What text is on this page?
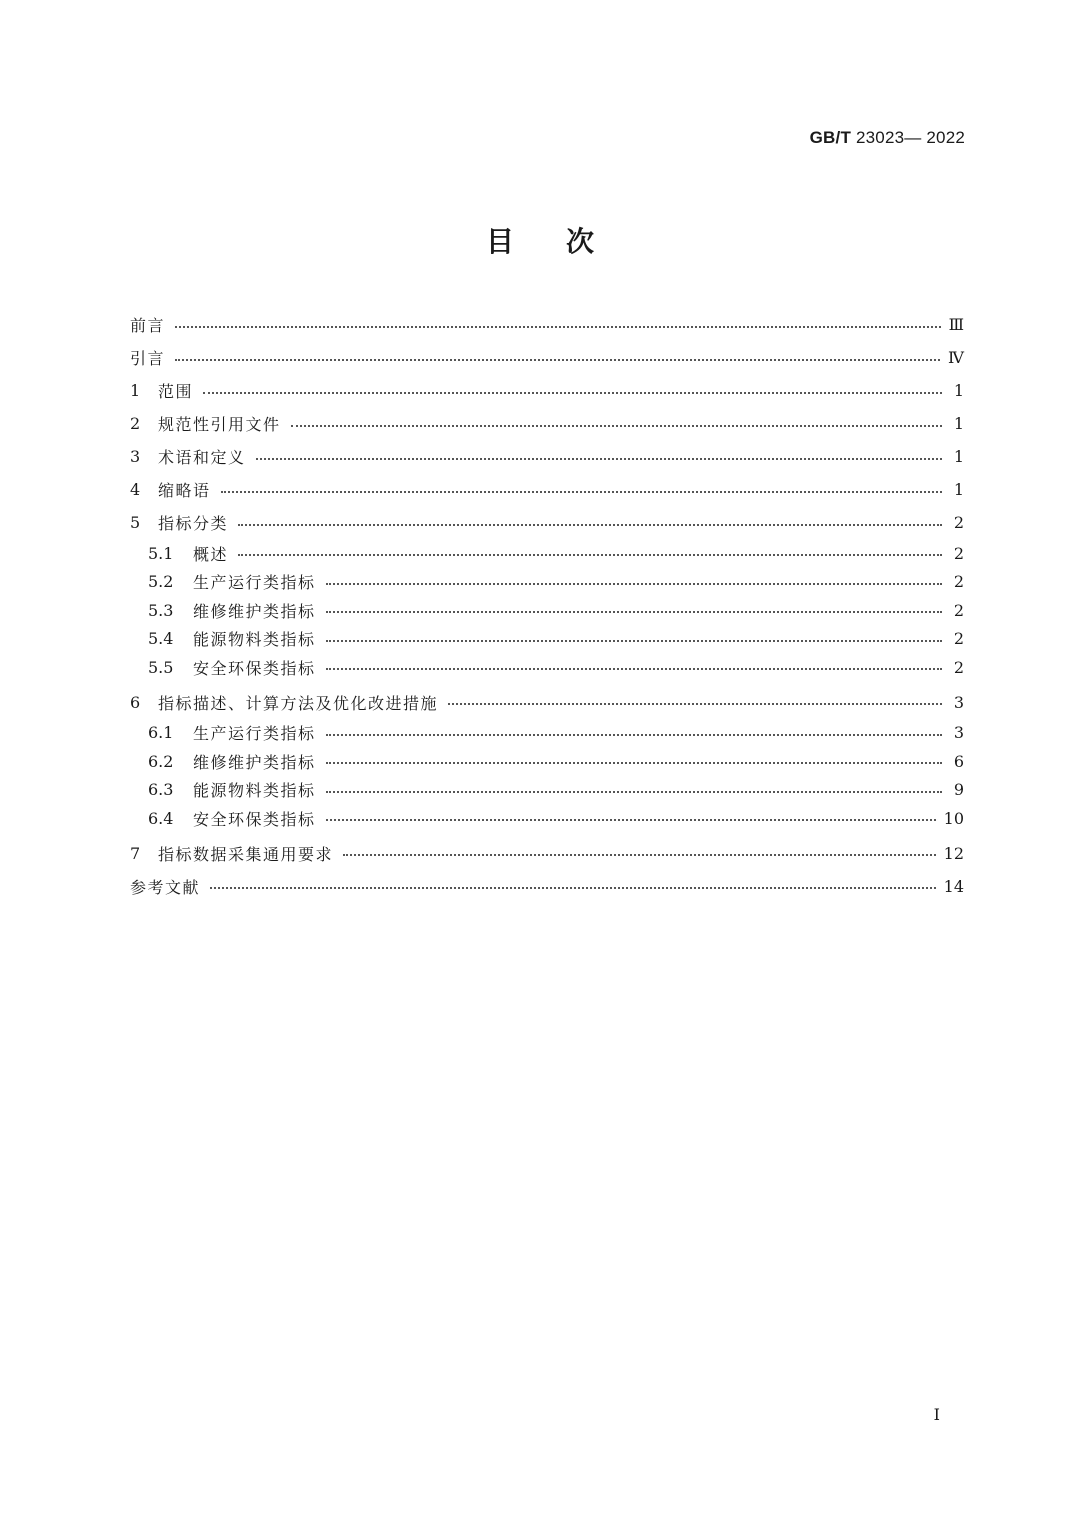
GB/T 23023— 2022
目次
前言	Ⅲ
引言	Ⅳ
1	范围	1
2	规范性引用文件	1
3	术语和定义	1
4	缩略语	1
5	指标分类	2
5.1	概述	2
5.2	生产运行类指标	2
5.3	维修维护类指标	2
5.4	能源物料类指标	2
5.5	安全环保类指标	2
6	指标描述、计算方法及优化改进措施	3
6.1	生产运行类指标	3
6.2	维修维护类指标	6
6.3	能源物料类指标	9
6.4	安全环保类指标	10
7	指标数据采集通用要求	12
参考文献	14
I
